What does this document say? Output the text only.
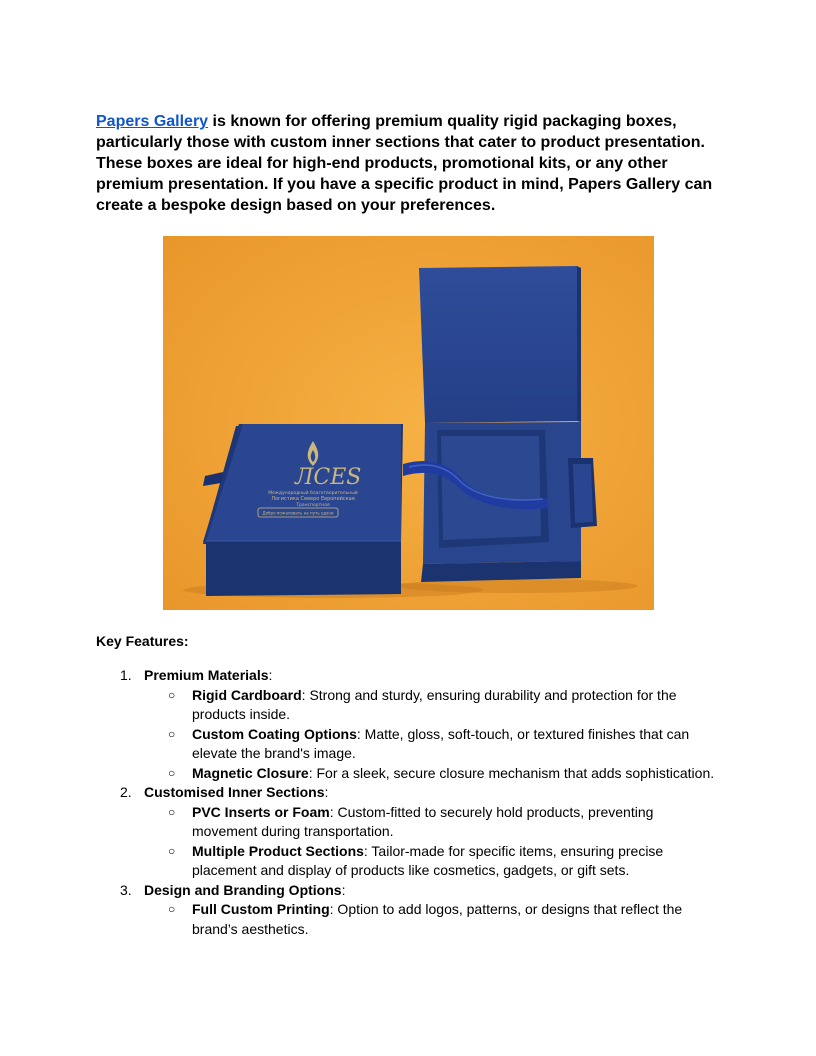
Papers Gallery is known for offering premium quality rigid packaging boxes, particularly those with custom inner sections that cater to product presentation. These boxes are ideal for high-end products, promotional kits, or any other premium presentation. If you have a specific product in mind, Papers Gallery can create a bespoke design based on your preferences.
ЛСЕЅ
Международный благотворительный
Логистика Северо Европейская
Транспортная
Добро пожаловать на путь удачи
Key Features:
1. Premium Materials:
○ Rigid Cardboard: Strong and sturdy, ensuring durability and protection for the products inside.
○ Custom Coating Options: Matte, gloss, soft-touch, or textured finishes that can elevate the brand's image.
○ Magnetic Closure: For a sleek, secure closure mechanism that adds sophistication.
2. Customised Inner Sections:
○ PVC Inserts or Foam: Custom-fitted to securely hold products, preventing movement during transportation.
○ Multiple Product Sections: Tailor-made for specific items, ensuring precise placement and display of products like cosmetics, gadgets, or gift sets.
3. Design and Branding Options:
○ Full Custom Printing: Option to add logos, patterns, or designs that reflect the brand’s aesthetics.
